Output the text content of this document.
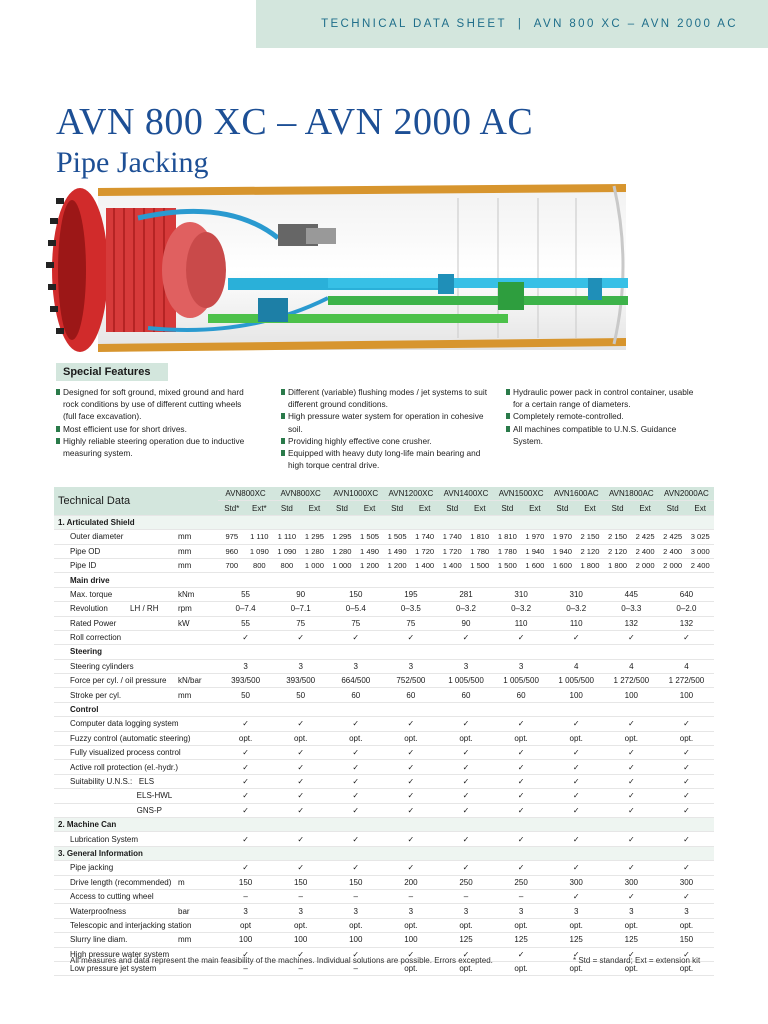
TECHNICAL DATA SHEET  |  AVN 800 XC – AVN 2000 AC
AVN 800 XC – AVN 2000 AC
Pipe Jacking
Special Features
Designed for soft ground, mixed ground and hard rock conditions by use of different cutting wheels (full face excavation).
Most efficient use for short drives.
Highly reliable steering operation due to inductive measuring system.
Different (variable) flushing modes / jet systems to suit different ground conditions.
High pressure water system for operation in cohesive soil.
Providing highly effective cone crusher.
Equipped with heavy duty long-life main bearing and high torque central drive.
Hydraulic power pack in control container, usable for a certain range of diameters.
Completely remote-controlled.
All machines compatible to U.N.S. Guidance System.
Technical Data		AVN800XC		AVN800XC		AVN1000XC		AVN1200XC		AVN1400XC		AVN1500XC		AVN1600AC		AVN1800AC		AVN2000AC	
		Std*	Ext*	Std	Ext	Std	Ext	Std	Ext	Std	Ext	Std	Ext	Std	Ext	Std	Ext	Std	Ext
1. Articulated Shield																			
Outer diameter	mm	975	1 110	1 110	1 295	1 295	1 505	1 505	1 740	1 740	1 810	1 810	1 970	1 970	2 150	2 150	2 425	2 425	3 025
Pipe OD	mm	960	1 090	1 090	1 280	1 280	1 490	1 490	1 720	1 720	1 780	1 780	1 940	1 940	2 120	2 120	2 400	2 400	3 000
Pipe ID	mm	700	800	800	1 000	1 000	1 200	1 200	1 400	1 400	1 500	1 500	1 600	1 600	1 800	1 800	2 000	2 000	2 400
Main drive																			
Max. torque	kNm	55		90		150		195		281		310		310		445		640	
Revolution          LH / RH	rpm	0–7.4		0–7.1		0–5.4		0–3.5		0–3.2		0–3.2		0–3.2		0–3.3		0–2.0	
Rated Power	kW	55		75		75		75		90		110		110		132		132	
Roll correction		✓		✓		✓		✓		✓		✓		✓		✓		✓	
Steering																			
Steering cylinders		3		3		3		3		3		3		4		4		4	
Force per cyl. / oil pressure	kN/bar	393/500		393/500		664/500		752/500		1 005/500		1 005/500		1 005/500		1 272/500		1 272/500	
Stroke per cyl.	mm	50		50		60		60		60		60		100		100		100	
Control																			
Computer data logging system		✓		✓		✓		✓		✓		✓		✓		✓		✓	
Fuzzy control (automatic steering)		opt.		opt.		opt.		opt.		opt.		opt.		opt.		opt.		opt.	
Fully visualized process control		✓		✓		✓		✓		✓		✓		✓		✓		✓	
Active roll protection (el.-hydr.)		✓		✓		✓		✓		✓		✓		✓		✓		✓	
Suitability U.N.S.:   ELS		✓		✓		✓		✓		✓		✓		✓		✓		✓	
ELS-HWL		✓		✓		✓		✓		✓		✓		✓		✓		✓	
GNS-P		✓		✓		✓		✓		✓		✓		✓		✓		✓	
2. Machine Can																			
Lubrication System		✓		✓		✓		✓		✓		✓		✓		✓		✓	
3. General Information																			
Pipe jacking		✓		✓		✓		✓		✓		✓		✓		✓		✓	
Drive length (recommended)	m	150		150		150		200		250		250		300		300		300	
Access to cutting wheel		–		–		–		–		–		–		✓		✓		✓	
Waterproofness	bar	3		3		3		3		3		3		3		3		3	
Telescopic and interjacking station		opt		opt.		opt.		opt.		opt.		opt.		opt.		opt.		opt.	
Slurry line diam.	mm	100		100		100		100		125		125		125		125		150	
High pressure water system		✓		✓		✓		✓		✓		✓		✓		✓		✓	
Low pressure jet system		–		–		–		opt.		opt.		opt.		opt.		opt.		opt.	
All measures and data represent the main feasibility of the machines. Individual solutions are possible. Errors excepted.	* Std = standard; Ext = extension kit
